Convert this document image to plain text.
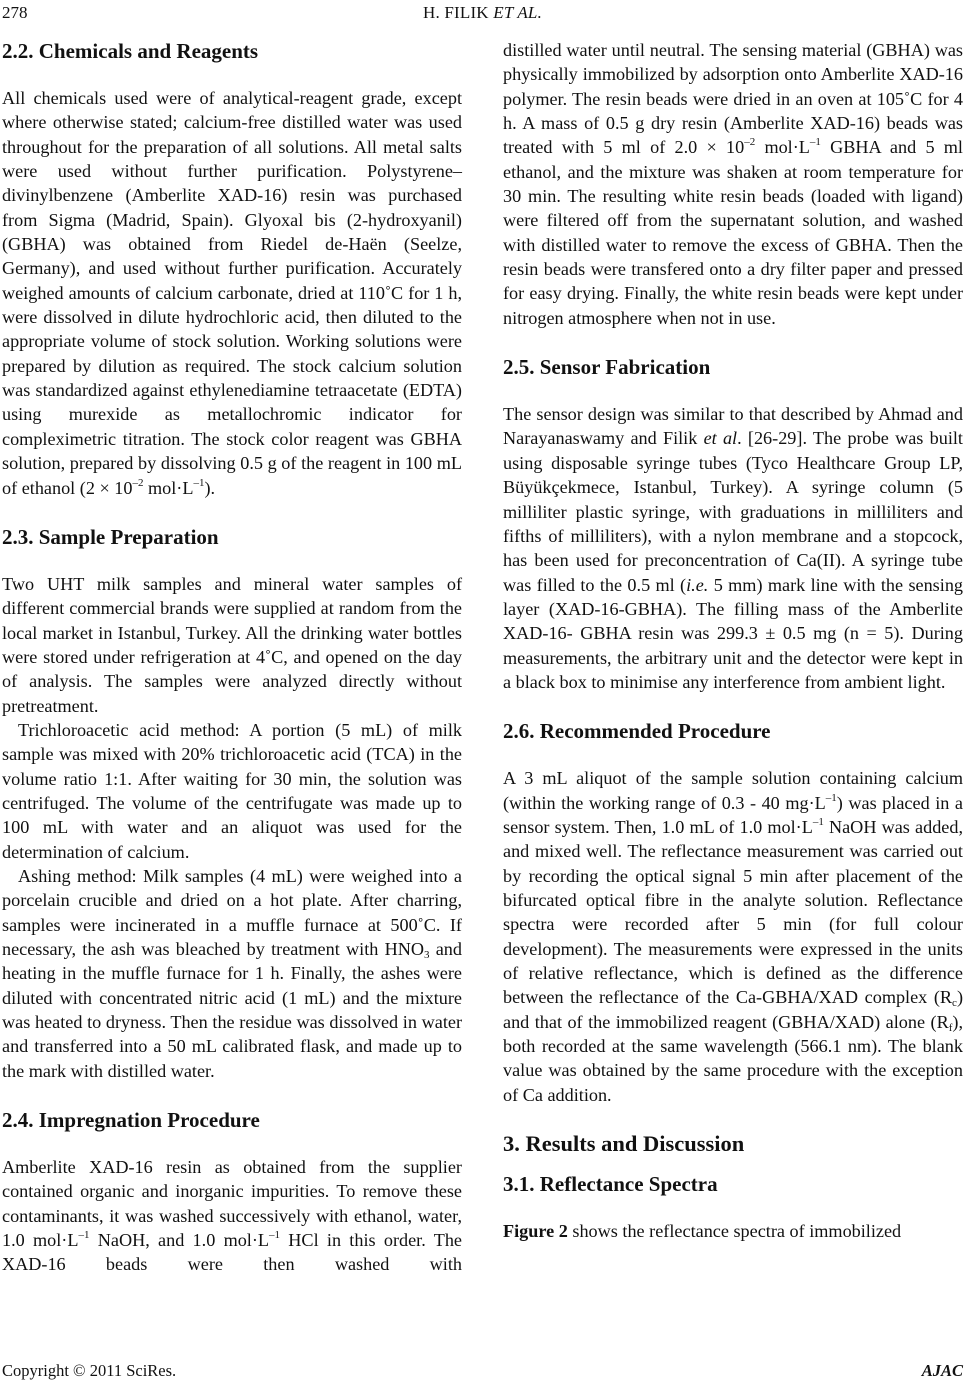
278	H. FILIK ET AL.
2.2. Chemicals and Reagents

All chemicals used were of analytical-reagent grade, except where otherwise stated; calcium-free distilled water was used throughout for the preparation of all solutions. All metal salts were used without further purification. Polystyrene–divinylbenzene (Amberlite XAD-16) resin was purchased from Sigma (Madrid, Spain). Glyoxal bis (2-hydroxyanil) (GBHA) was obtained from Riedel de-Haën (Seelze, Germany), and used without further purification. Accurately weighed amounts of calcium carbonate, dried at 110˚C for 1 h, were dissolved in dilute hydrochloric acid, then diluted to the appropriate volume of stock solution. Working solutions were prepared by dilution as required. The stock calcium solution was standardized against ethylenediamine tetraacetate (EDTA) using murexide as metallochromic indicator for compleximetric titration. The stock color reagent was GBHA solution, prepared by dissolving 0.5 g of the reagent in 100 mL of ethanol ($2 \times 10^{-2}$ $mol\cdot L^{-1}$).

2.3. Sample Preparation

Two UHT milk samples and mineral water samples of different commercial brands were supplied at random from the local market in Istanbul, Turkey. All the drinking water bottles were stored under refrigeration at 4˚C, and opened on the day of analysis. The samples were analyzed directly without pretreatment.

Trichloroacetic acid method: A portion (5 mL) of milk sample was mixed with 20% trichloroacetic acid (TCA) in the volume ratio 1:1. After waiting for 30 min, the solution was centrifuged. The volume of the centrifugate was made up to 100 mL with water and an aliquot was used for the determination of calcium.

Ashing method: Milk samples (4 mL) were weighed into a porcelain crucible and dried on a hot plate. After charring, samples were incinerated in a muffle furnace at 500˚C. If necessary, the ash was bleached by treatment with $HNO_3$ and heating in the muffle furnace for 1 h. Finally, the ashes were diluted with concentrated nitric acid (1 mL) and the mixture was heated to dryness. Then the residue was dissolved in water and transferred into a 50 mL calibrated flask, and made up to the mark with distilled water.

2.4. Impregnation Procedure

Amberlite XAD-16 resin as obtained from the supplier contained organic and inorganic impurities. To remove these contaminants, it was washed successively with ethanol, water, 1.0 $mol\cdot L^{-1}$ NaOH, and 1.0 $mol\cdot L^{-1}$ HCl in this order. The XAD-16 beads were then washed with

distilled water until neutral. The sensing material (GBHA) was physically immobilized by adsorption onto Amberlite XAD-16 polymer. The resin beads were dried in an oven at 105˚C for 4 h. A mass of 0.5 g dry resin (Amberlite XAD-16) beads was treated with 5 ml of $2.0 \times 10^{-2}$ $mol\cdot L^{-1}$ GBHA and 5 ml ethanol, and the mixture was shaken at room temperature for 30 min. The resulting white resin beads (loaded with ligand) were filtered off from the supernatant solution, and washed with distilled water to remove the excess of GBHA. Then the resin beads were transfered onto a dry filter paper and pressed for easy drying. Finally, the white resin beads were kept under nitrogen atmosphere when not in use.

2.5. Sensor Fabrication

The sensor design was similar to that described by Ahmad and Narayanaswamy and Filik et al. [26-29]. The probe was built using disposable syringe tubes (Tyco Healthcare Group LP, Büyükçekmece, Istanbul, Turkey). A syringe column (5 milliliter plastic syringe, with graduations in milliliters and fifths of milliliters), with a nylon membrane and a stopcock, has been used for preconcentration of Ca(II). A syringe tube was filled to the 0.5 ml (i.e. 5 mm) mark line with the sensing layer (XAD-16-GBHA). The filling mass of the Amberlite XAD-16- GBHA resin was 299.3 ± 0.5 mg (n = 5). During measurements, the arbitrary unit and the detector were kept in a black box to minimise any interference from ambient light.

2.6. Recommended Procedure

A 3 mL aliquot of the sample solution containing calcium (within the working range of 0.3 - 40 $mg\cdot L^{-1}$) was placed in a sensor system. Then, 1.0 mL of 1.0 $mol\cdot L^{-1}$ NaOH was added, and mixed well. The reflectance measurement was carried out by recording the optical signal 5 min after placement of the bifurcated optical fibre in the analyte solution. Reflectance spectra were recorded after 5 min (for full colour development). The measurements were expressed in the units of relative reflectance, which is defined as the difference between the reflectance of the Ca-GBHA/XAD complex $(R_c)$ and that of the immobilized reagent (GBHA/XAD) alone $(R_f)$, both recorded at the same wavelength (566.1 nm). The blank value was obtained by the same procedure with the exception of Ca addition.

3. Results and Discussion
3.1. Reflectance Spectra

Figure 2 shows the reflectance spectra of immobilized

Copyright © 2011 SciRes.	AJAC
